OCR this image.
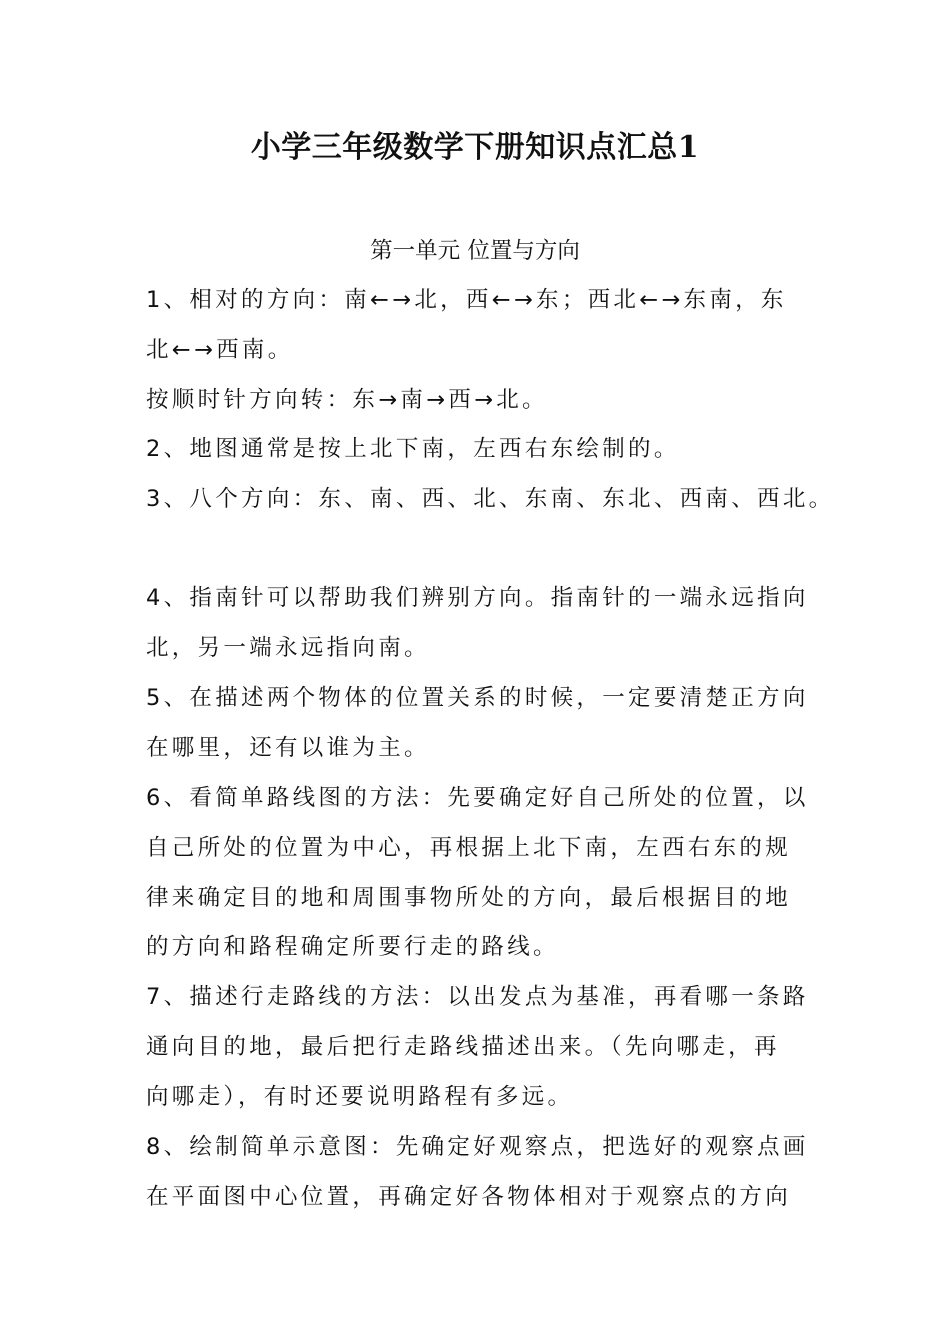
小学三年级数学下册知识点汇总1
第一单元 位置与方向
1、相对的方向：南←→北，西←→东；西北←→东南，东
北←→西南。
按顺时针方向转：东→南→西→北。
2、地图通常是按上北下南，左西右东绘制的。
3、八个方向：东、南、西、北、东南、东北、西南、西北。
4、指南针可以帮助我们辨别方向。指南针的一端永远指向
北，另一端永远指向南。
5、在描述两个物体的位置关系的时候，一定要清楚正方向
在哪里，还有以谁为主。
6、看简单路线图的方法：先要确定好自己所处的位置，以
自己所处的位置为中心，再根据上北下南，左西右东的规
律来确定目的地和周围事物所处的方向，最后根据目的地
的方向和路程确定所要行走的路线。
7、描述行走路线的方法：以出发点为基准，再看哪一条路
通向目的地，最后把行走路线描述出来。（先向哪走，再
向哪走），有时还要说明路程有多远。
8、绘制简单示意图：先确定好观察点，把选好的观察点画
在平面图中心位置，再确定好各物体相对于观察点的方向
